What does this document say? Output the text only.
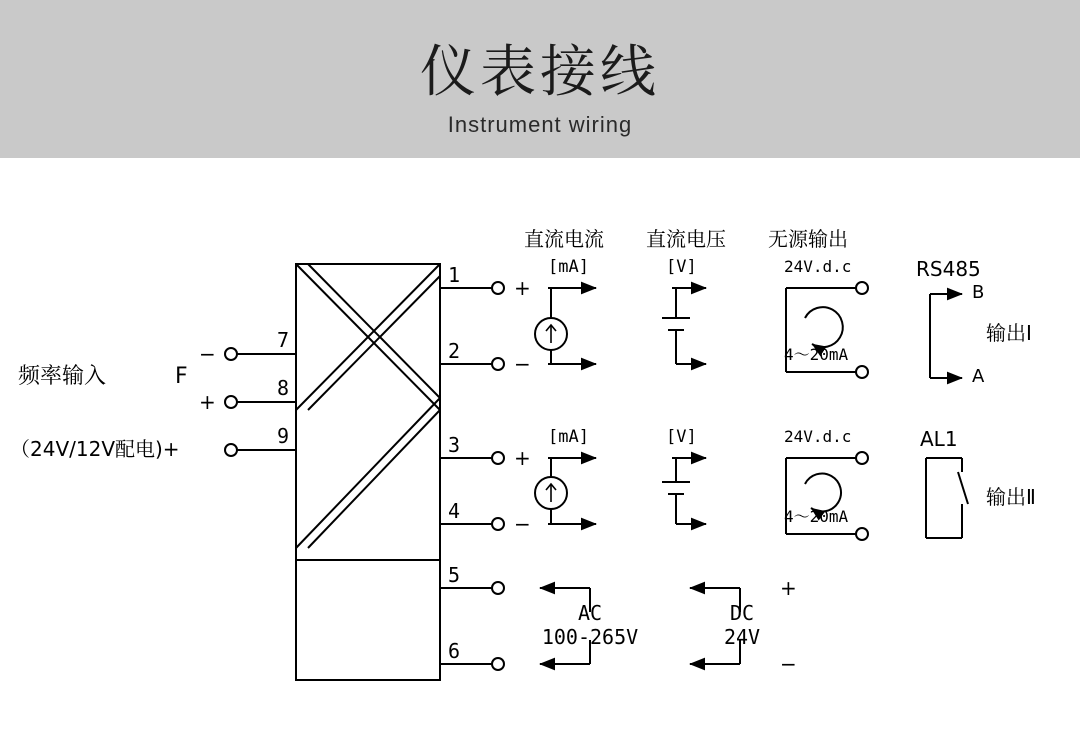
仪表接线
Instrument wiring
频率输入	F
−
+
（24V/12V配电)+
7
8
9
1
2
3
4
5
6
+
−
+
−
直流电流 直流电压 无源输出
[mA]
[mA]
[V]
[V]
24V.d.c
4～20mA
24V.d.c
4～20mA
RS485
B
A
输出Ⅰ
AL1
输出Ⅱ
AC
100-265V
DC
24V
+
−
